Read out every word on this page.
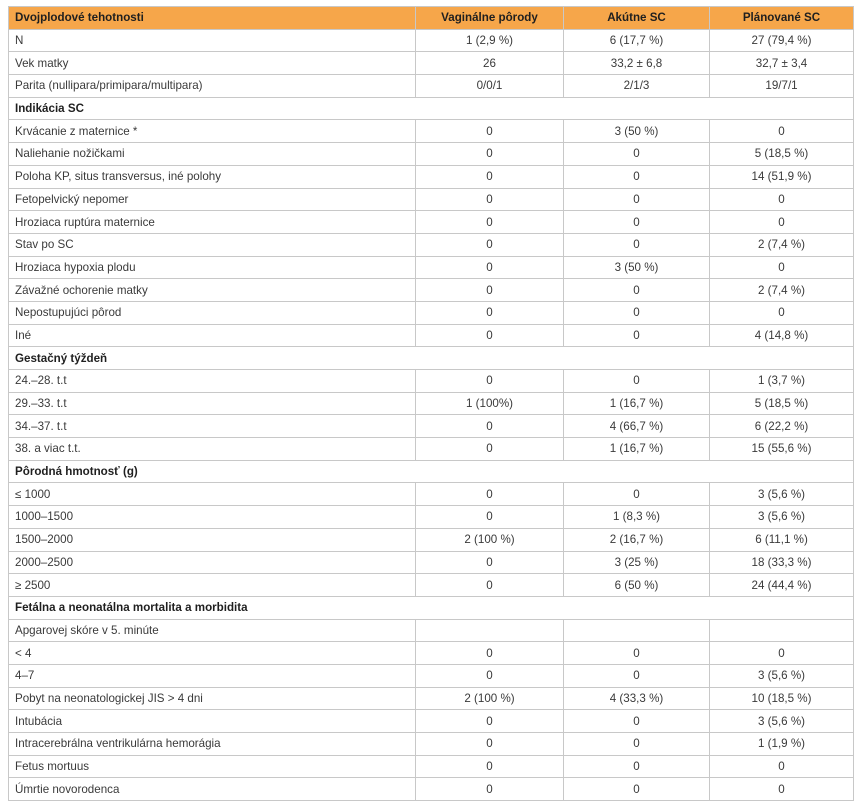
Dvojplodové tehotnosti	Vaginálne pôrody	Akútne SC	Plánované SC
N	1 (2,9 %)	6 (17,7 %)	27 (79,4 %)
Vek matky	26	33,2 ± 6,8	32,7 ± 3,4
Parita (nullipara/primipara/multipara)	0/0/1	2/1/3	19/7/1
Indikácia SC			
Krvácanie z maternice *	0	3 (50 %)	0
Naliehanie nožičkami	0	0	5 (18,5 %)
Poloha KP, situs transversus, iné polohy	0	0	14 (51,9 %)
Fetopelvický nepomer	0	0	0
Hroziaca ruptúra maternice	0	0	0
Stav po SC	0	0	2 (7,4 %)
Hroziaca hypoxia plodu	0	3 (50 %)	0
Závažné ochorenie matky	0	0	2 (7,4 %)
Nepostupujúci pôrod	0	0	0
Iné	0	0	4 (14,8 %)
Gestačný týždeň			
24.–28. t.t	0	0	1 (3,7 %)
29.–33. t.t	1 (100%)	1 (16,7 %)	5 (18,5 %)
34.–37. t.t	0	4 (66,7 %)	6 (22,2 %)
38. a viac t.t.	0	1 (16,7 %)	15 (55,6 %)
Pôrodná hmotnosť (g)			
≤ 1000	0	0	3 (5,6 %)
1000–1500	0	1 (8,3 %)	3 (5,6 %)
1500–2000	2 (100 %)	2 (16,7 %)	6 (11,1 %)
2000–2500	0	3 (25 %)	18 (33,3 %)
≥ 2500	0	6 (50 %)	24 (44,4 %)
Fetálna a neonatálna mortalita a morbidita			
Apgarovej skóre v 5. minúte			
< 4	0	0	0
4–7	0	0	3 (5,6 %)
Pobyt na neonatologickej JIS > 4 dni	2 (100 %)	4 (33,3 %)	10 (18,5 %)
Intubácia	0	0	3 (5,6 %)
Intracerebrálna ventrikulárna hemorágia	0	0	1 (1,9 %)
Fetus mortuus	0	0	0
Úmrtie novorodenca	0	0	0
